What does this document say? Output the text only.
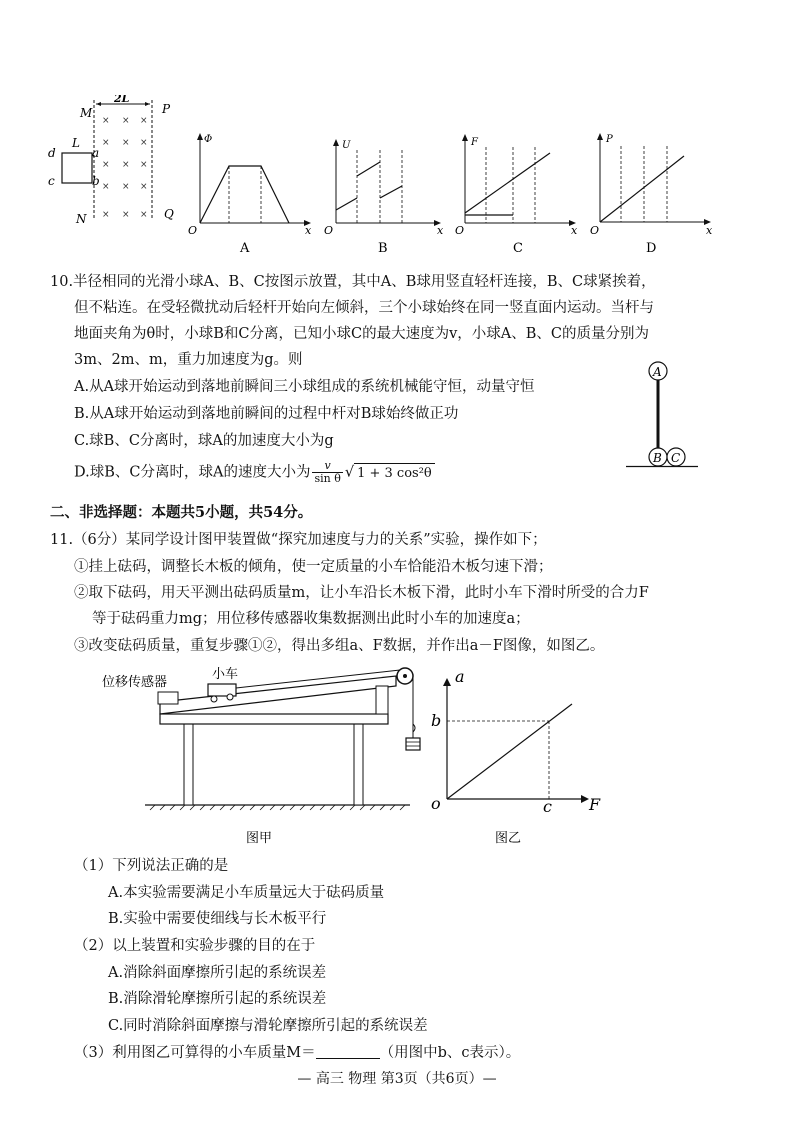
× × ×
× × ×
× × ×
× × ×
× × ×
M
2L
P
L
d	a
c	b
N	Q
Φ
O	x
A
U
O	x
B
F
O	x
C
P
O	x
D
10.半径相同的光滑小球A、B、C按图示放置，其中A、B球用竖直轻杆连接，B、C球紧挨着，
但不粘连。在受轻微扰动后轻杆开始向左倾斜，三个小球始终在同一竖直面内运动。当杆与
地面夹角为θ时，小球B和C分离，已知小球C的最大速度为v，小球A、B、C的质量分别为
3m、2m、m，重力加速度为g。则
A.从A球开始运动到落地前瞬间三小球组成的系统机械能守恒，动量守恒
B.从A球开始运动到落地前瞬间的过程中杆对B球始终做正功
C.球B、C分离时，球A的加速度大小为g
D.球B、C分离时，球A的速度大小为 $\frac{v}{\text{sin θ}}$ √ 1 + 3 cos²θ
A
B C
二、非选择题：本题共5小题，共54分。
11.（6分）某同学设计图甲装置做“探究加速度与力的关系”实验，操作如下；
①挂上砝码，调整长木板的倾角，使一定质量的小车恰能沿木板匀速下滑；
②取下砝码，用天平测出砝码质量m，让小车沿长木板下滑，此时小车下滑时所受的合力F
等于砝码重力mg；用位移传感器收集数据测出此时小车的加速度a；
③改变砝码质量，重复步骤①②，得出多组a、F数据，并作出a－F图像，如图乙。
位移传感器
小车
图甲
a
b
o	c F
图乙
（1）下列说法正确的是
A.本实验需要满足小车质量远大于砝码质量
B.实验中需要使细线与长木板平行
（2）以上装置和实验步骤的目的在于
A.消除斜面摩擦所引起的系统误差
B.消除滑轮摩擦所引起的系统误差
C.同时消除斜面摩擦与滑轮摩擦所引起的系统误差
（3）利用图乙可算得的小车质量M＝	（用图中b、c表示）。
— 高三 物理 第3页（共6页）—
